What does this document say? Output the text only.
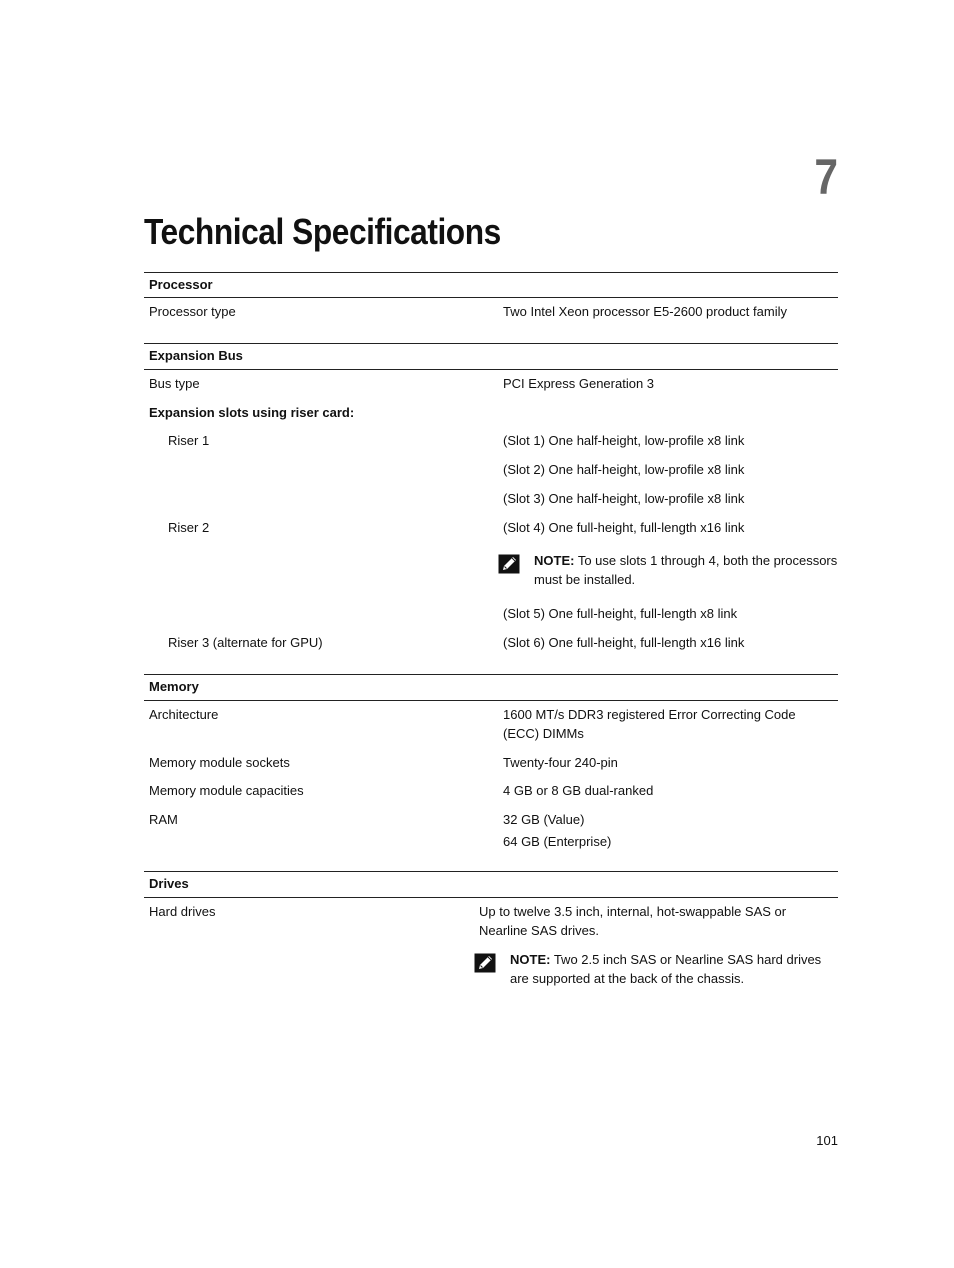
7
Technical Specifications
Processor
Processor type	Two Intel Xeon processor E5-2600 product family
Expansion Bus
Bus type	PCI Express Generation 3
Expansion slots using riser card:
Riser 1	(Slot 1) One half-height, low-profile x8 link
(Slot 2) One half-height, low-profile x8 link
(Slot 3) One half-height, low-profile x8 link
Riser 2	(Slot 4) One full-height, full-length x16 link
NOTE: To use slots 1 through 4, both the processors must be installed.
(Slot 5) One full-height, full-length x8 link
Riser 3 (alternate for GPU)	(Slot 6) One full-height, full-length x16 link
Memory
Architecture	1600 MT/s DDR3 registered Error Correcting Code (ECC) DIMMs
Memory module sockets	Twenty-four 240-pin
Memory module capacities	4 GB or 8 GB dual-ranked
RAM	32 GB (Value)
64 GB (Enterprise)
Drives
Hard drives	Up to twelve 3.5 inch, internal, hot-swappable SAS or Nearline SAS drives.
NOTE: Two 2.5 inch SAS or Nearline SAS hard drives are supported at the back of the chassis.
101
